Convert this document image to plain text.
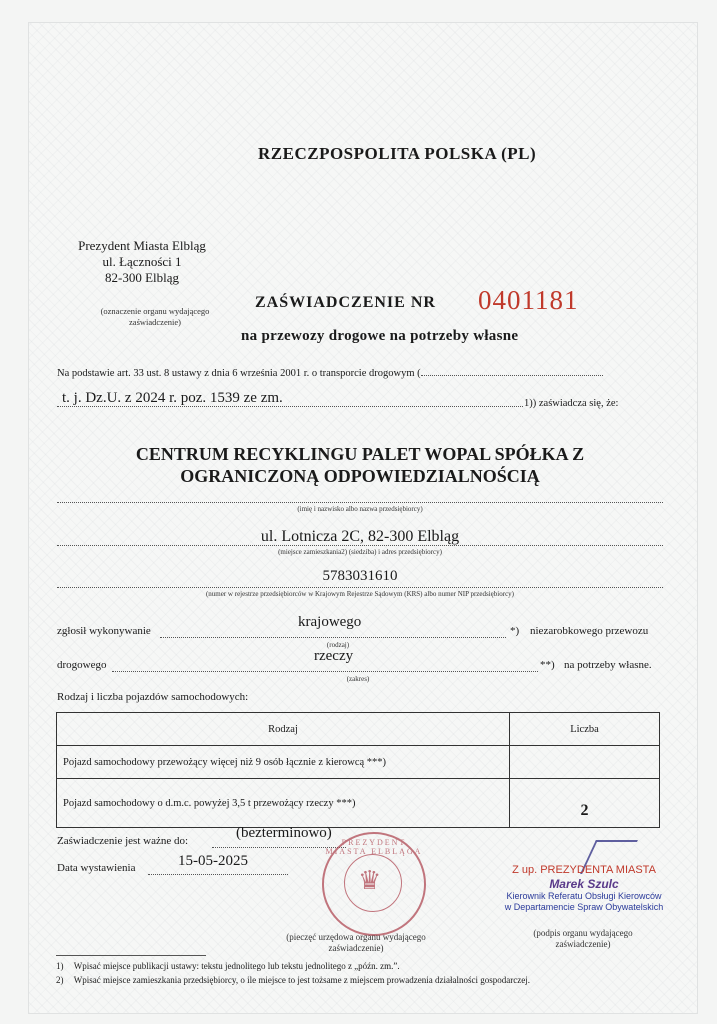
RZECZPOSPOLITA POLSKA (PL)
Prezydent Miasta Elbląg
ul. Łączności 1
82-300 Elbląg
(oznaczenie organu wydającego zaświadczenie)
ZAŚWIADCZENIE NR 0401181
na przewozy drogowe na potrzeby własne
Na podstawie art. 33 ust. 8 ustawy z dnia 6 września 2001 r. o transporcie drogowym (
t. j. Dz.U. z 2024 r. poz. 1539 ze zm.	1)) zaświadcza się, że:
CENTRUM RECYKLINGU PALET WOPAL SPÓŁKA Z
OGRANICZONĄ ODPOWIEDZIALNOŚCIĄ
(imię i nazwisko albo nazwa przedsiębiorcy)
ul. Lotnicza 2C, 82-300 Elbląg
(miejsce zamieszkania2) (siedziba) i adres przedsiębiorcy)
5783031610
(numer w rejestrze przedsiębiorców w Krajowym Rejestrze Sądowym (KRS) albo numer NIP przedsiębiorcy)
zgłosił wykonywanie
krajowego
(rodzaj)
*) niezarobkowego przewozu
drogowego
rzeczy
(zakres)
**) na potrzeby własne.
Rodzaj i liczba pojazdów samochodowych:
Rodzaj	Liczba
Pojazd samochodowy przewożący więcej niż 9 osób łącznie z kierowcą ***)	
Pojazd samochodowy o d.m.c. powyżej 3,5 t przewożący rzeczy ***)	2
Zaświadczenie jest ważne do:	(bezterminowo)
Data wystawienia	15-05-2025
PREZYDENT MIASTA ELBLĄGA
♛
(pieczęć urzędowa organu wydającego zaświadczenie)
Z up. PREZYDENTA MIASTA
Marek Szulc
Kierownik Referatu Obsługi Kierowców
w Departamencie Spraw Obywatelskich
(podpis organu wydającego zaświadczenie)
1) Wpisać miejsce publikacji ustawy: tekstu jednolitego lub tekstu jednolitego z „późn. zm.”.
2) Wpisać miejsce zamieszkania przedsiębiorcy, o ile miejsce to jest tożsame z miejscem prowadzenia działalności gospodarczej.
